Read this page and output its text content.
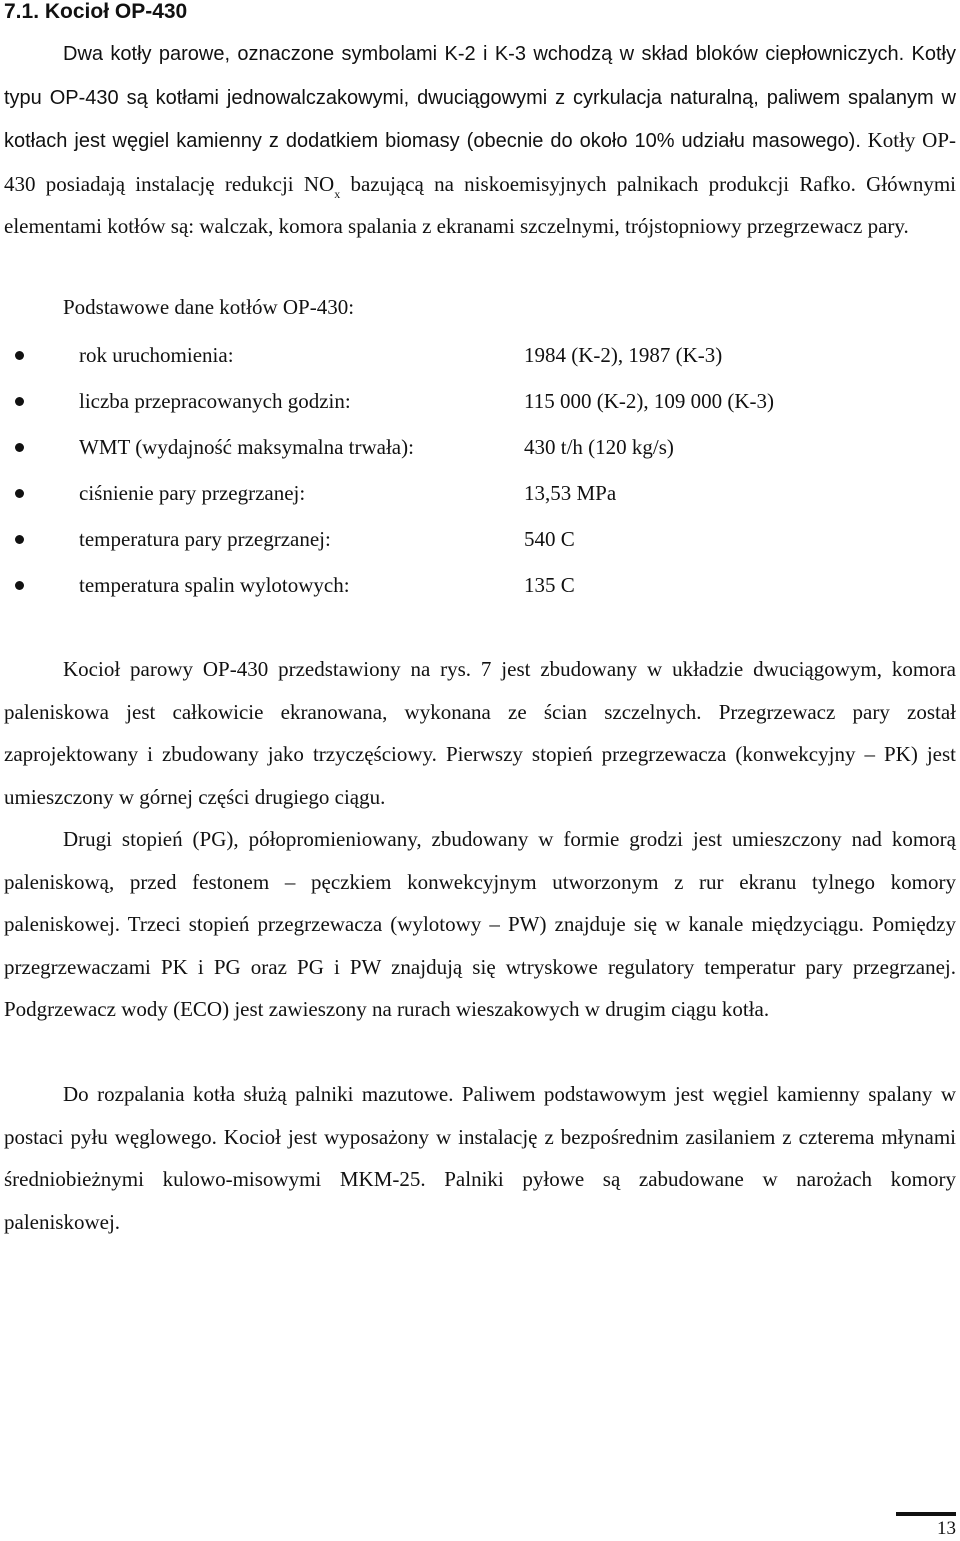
7.1. Kocioł OP-430

Dwa kotły parowe, oznaczone symbolami K-2 i K-3 wchodzą w skład bloków ciepłowniczych. Kotły typu OP-430 są kotłami jednowalczakowymi, dwuciągowymi z cyrkulacja naturalną, paliwem spalanym w kotłach jest węgiel kamienny z dodatkiem biomasy (obecnie do około 10% udziału masowego). Kotły OP-430 posiadają instalację redukcji $NO_x$ bazującą na niskoemisyjnych palnikach produkcji Rafko. Głównymi elementami kotłów są: walczak, komora spalania z ekranami szczelnymi, trójstopniowy przegrzewacz pary.

Podstawowe dane kotłów OP-430:

rok uruchomienia:	1984 (K-2), 1987 (K-3)
liczba przepracowanych godzin:	115 000 (K-2), 109 000 (K-3)
WMT (wydajność maksymalna trwała):	430 t/h (120 kg/s)
ciśnienie pary przegrzanej:	13,53 MPa
temperatura pary przegrzanej:	540 C
temperatura spalin wylotowych:	135 C

Kocioł parowy OP-430 przedstawiony na rys. 7 jest zbudowany w układzie dwuciągowym, komora paleniskowa jest całkowicie ekranowana, wykonana ze ścian szczelnych. Przegrzewacz pary został zaprojektowany i zbudowany jako trzyczęściowy. Pierwszy stopień przegrzewacza (konwekcyjny – PK) jest umieszczony w górnej części drugiego ciągu.

Drugi stopień (PG), półopromieniowany, zbudowany w formie grodzi jest umieszczony nad komorą paleniskową, przed festonem – pęczkiem konwekcyjnym utworzonym z rur ekranu tylnego komory paleniskowej. Trzeci stopień przegrzewacza (wylotowy – PW) znajduje się w kanale międzyciągu. Pomiędzy przegrzewaczami PK i PG oraz PG i PW znajdują się wtryskowe regulatory temperatur pary przegrzanej. Podgrzewacz wody (ECO) jest zawieszony na rurach wieszakowych w drugim ciągu kotła.

Do rozpalania kotła służą palniki mazutowe. Paliwem podstawowym jest węgiel kamienny spalany w postaci pyłu węglowego. Kocioł jest wyposażony w instalację z bezpośrednim zasilaniem z czterema młynami średniobieżnymi kulowo-misowymi MKM-25. Palniki pyłowe są zabudowane w narożach komory paleniskowej.

13
